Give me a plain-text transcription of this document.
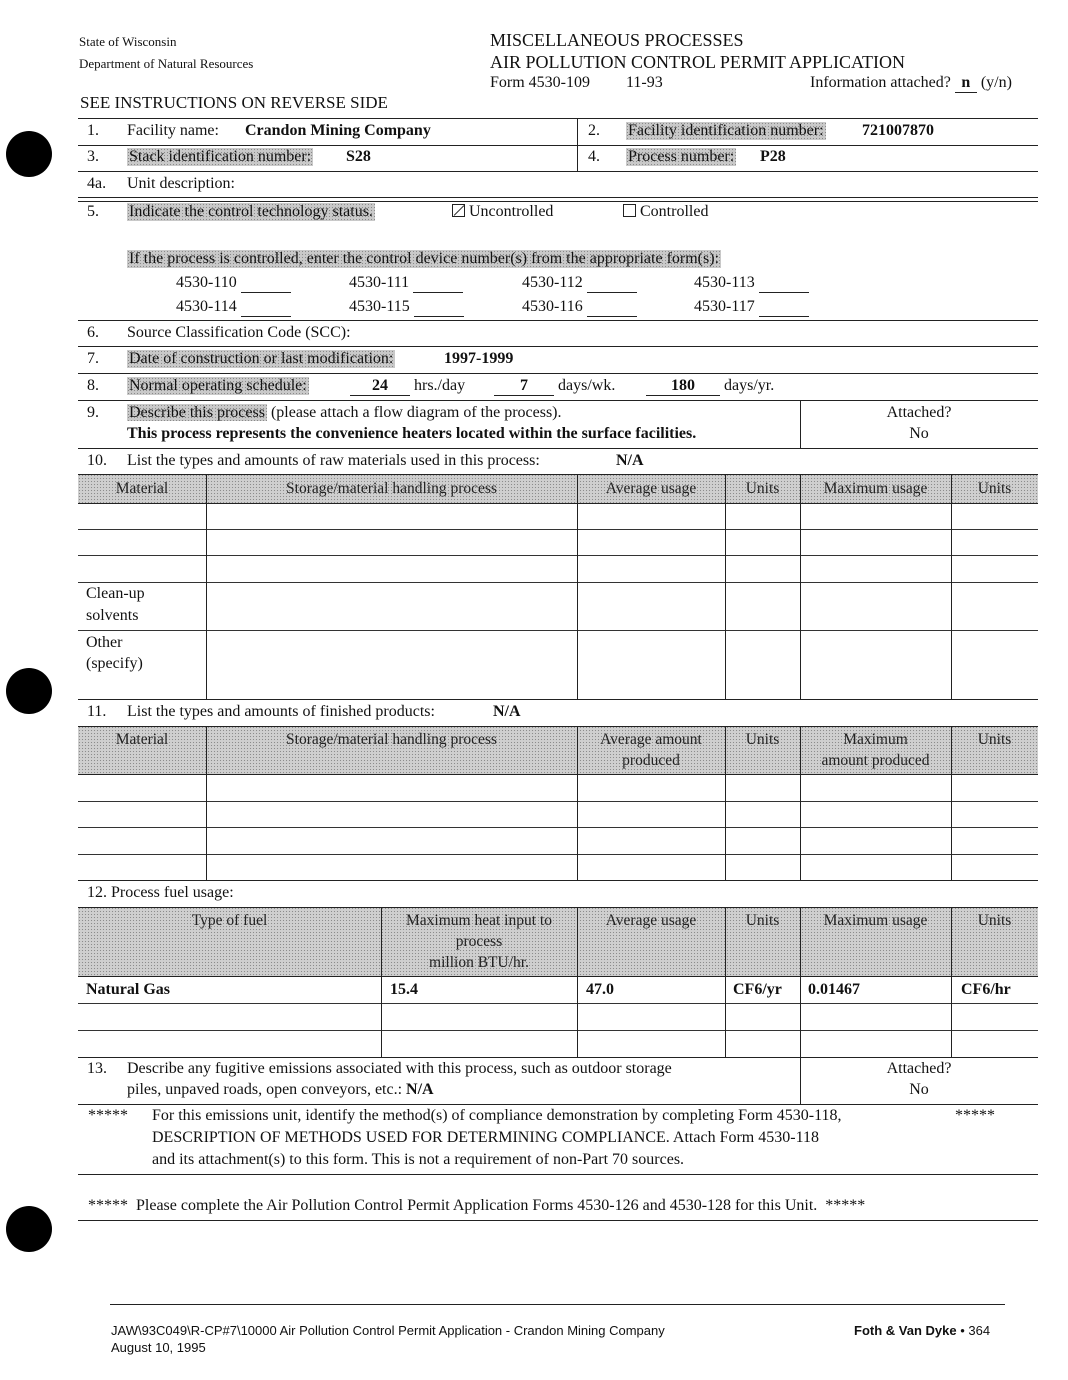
State of Wisconsin
Department of Natural Resources
MISCELLANEOUS PROCESSES
AIR POLLUTION CONTROL PERMIT APPLICATION
Form 4530-109 11-93	Information attached? n (y/n)
SEE INSTRUCTIONS ON REVERSE SIDE
1. Facility name: Crandon Mining Company	2. Facility identification number: 721007870
3. Stack identification number: S28	4. Process number: P28
4a. Unit description:
5. Indicate the control technology status.	Uncontrolled	Controlled
If the process is controlled, enter the control device number(s) from the appropriate form(s):
4530-110	4530-111	4530-112	4530-113
4530-114	4530-115	4530-116	4530-117
6. Source Classification Code (SCC):
7. Date of construction or last modification:	1997-1999
8. Normal operating schedule:	24 hrs./day	7 days/wk.	180 days/yr.
9. Describe this process (please attach a flow diagram of the process).
This process represents the convenience heaters located within the surface facilities.
Attached?
No
10. List the types and amounts of raw materials used in this process:	N/A
Material	Storage/material handling process	Average usage	Units	Maximum usage	Units
Clean-up
solvents
Other
(specify)
11. List the types and amounts of finished products:	N/A
Material	Storage/material handling process	Average amount
produced
Units	Maximum
amount produced
Units
12. Process fuel usage:
Type of fuel	Maximum heat input to
process
million BTU/hr.
Average usage	Units	Maximum usage	Units
Natural Gas	15.4	47.0	CF6/yr 0.01467	CF6/hr
13. Describe any fugitive emissions associated with this process, such as outdoor storage
piles, unpaved roads, open conveyors, etc.: N/A
Attached?
No
***** For this emissions unit, identify the method(s) of compliance demonstration by completing Form 4530-118,	*****
DESCRIPTION OF METHODS USED FOR DETERMINING COMPLIANCE. Attach Form 4530-118
and its attachment(s) to this form. This is not a requirement of non-Part 70 sources.
***** Please complete the Air Pollution Control Permit Application Forms 4530-126 and 4530-128 for this Unit. *****
JAW\93C049\R-CP#7\10000 Air Pollution Control Permit Application - Crandon Mining Company
August 10, 1995
Foth & Van Dyke • 364
